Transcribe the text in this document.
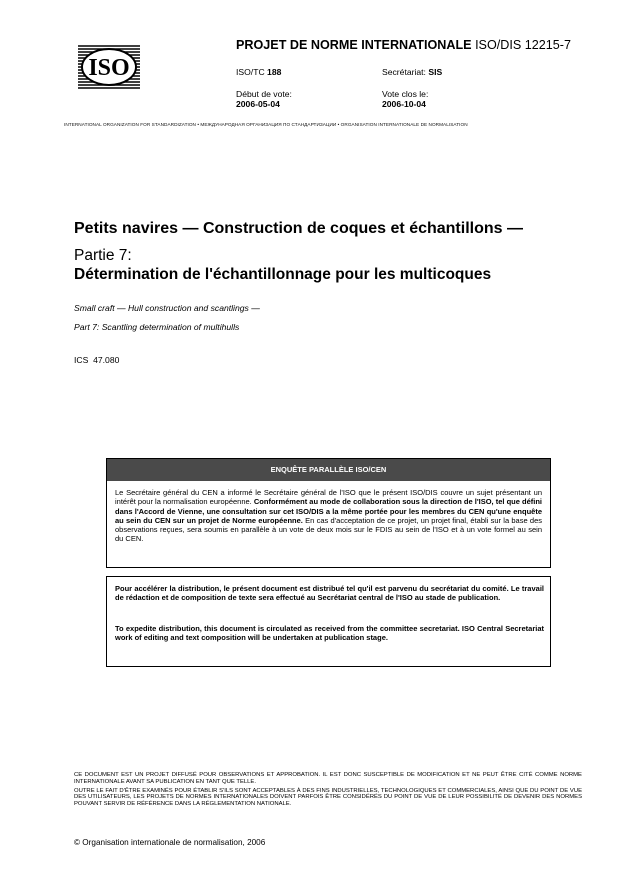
ISO
PROJET DE NORME INTERNATIONALE ISO/DIS 12215-7
ISO/TC 188	Secrétariat: SIS
Début de vote:
2006-05-04
Vote clos le:
2006-10-04
INTERNATIONAL ORGANIZATION FOR STANDARDIZATION • МЕЖДУНАРОДНАЯ ОРГАНИЗАЦИЯ ПО СТАНДАРТИЗАЦИИ • ORGANISATION INTERNATIONALE DE NORMALISATION
Petits navires — Construction de coques et échantillons —
Partie 7:
Détermination de l'échantillonnage pour les multicoques
Small craft — Hull construction and scantlings —
Part 7: Scantling determination of multihulls
ICS 47.080
ENQUÊTE PARALLÈLE ISO/CEN
Le Secrétaire général du CEN a informé le Secrétaire général de l'ISO que le présent ISO/DIS couvre un sujet présentant un intérêt pour la normalisation européenne. Conformément au mode de collaboration sous la direction de l'ISO, tel que défini dans l'Accord de Vienne, une consultation sur cet ISO/DIS a la même portée pour les membres du CEN qu'une enquête au sein du CEN sur un projet de Norme européenne. En cas d'acceptation de ce projet, un projet final, établi sur la base des observations reçues, sera soumis en parallèle à un vote de deux mois sur le FDIS au sein de l'ISO et à un vote formel au sein du CEN.

Pour accélérer la distribution, le présent document est distribué tel qu'il est parvenu du secrétariat du comité. Le travail de rédaction et de composition de texte sera effectué au Secrétariat central de l'ISO au stade de publication.

To expedite distribution, this document is circulated as received from the committee secretariat. ISO Central Secretariat work of editing and text composition will be undertaken at publication stage.

CE DOCUMENT EST UN PROJET DIFFUSÉ POUR OBSERVATIONS ET APPROBATION. IL EST DONC SUSCEPTIBLE DE MODIFICATION ET NE PEUT ÊTRE CITÉ COMME NORME INTERNATIONALE AVANT SA PUBLICATION EN TANT QUE TELLE.

OUTRE LE FAIT D'ÊTRE EXAMINÉS POUR ÉTABLIR S'ILS SONT ACCEPTABLES À DES FINS INDUSTRIELLES, TECHNOLOGIQUES ET COMMERCIALES, AINSI QUE DU POINT DE VUE DES UTILISATEURS, LES PROJETS DE NORMES INTERNATIONALES DOIVENT PARFOIS ÊTRE CONSIDÉRÉS DU POINT DE VUE DE LEUR POSSIBILITÉ DE DEVENIR DES NORMES POUVANT SERVIR DE RÉFÉRENCE DANS LA RÉGLEMENTATION NATIONALE.

© Organisation internationale de normalisation, 2006
